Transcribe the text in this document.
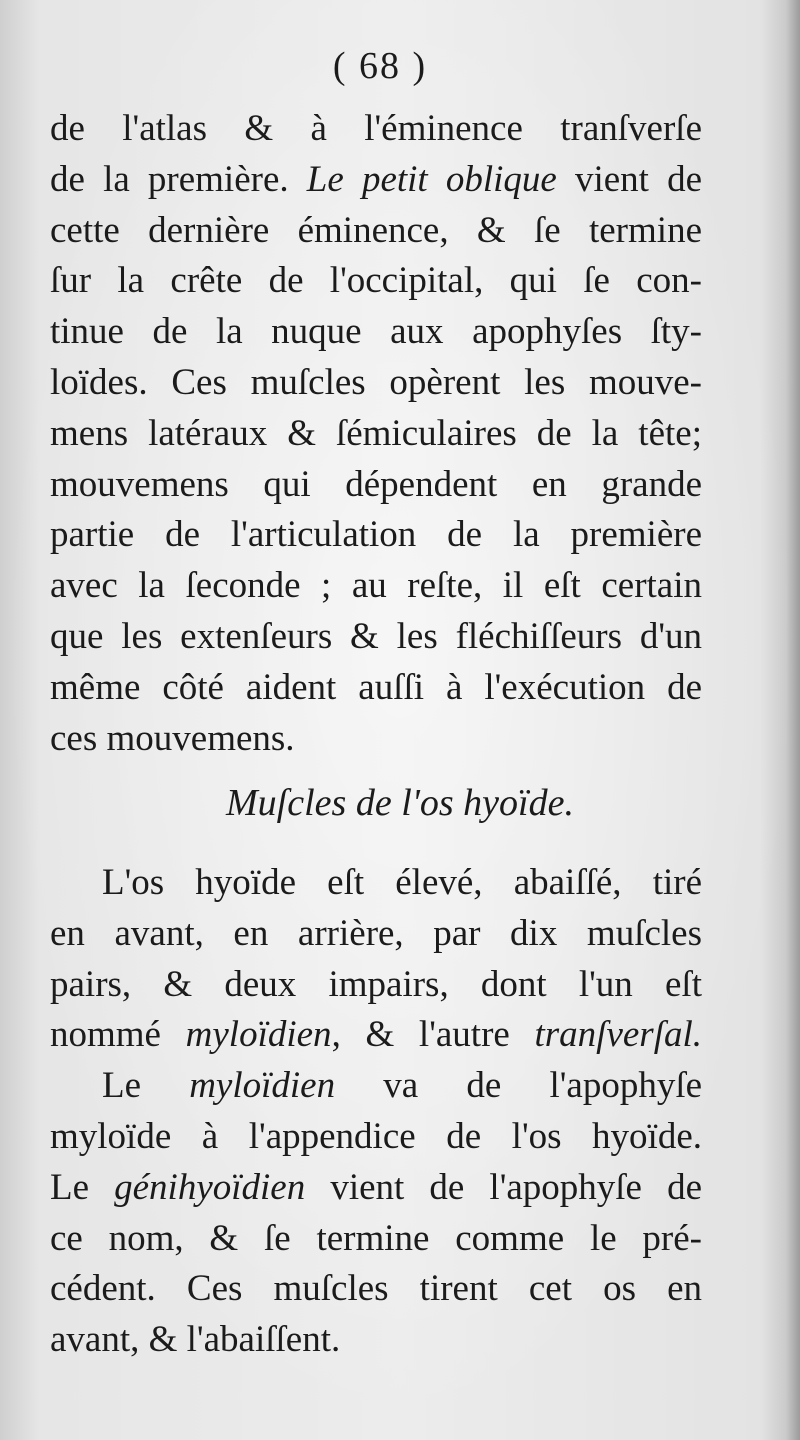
( 68 )
de l'atlas & à l'éminence tranſverſe
de la première. Le petit oblique vient de
cette dernière éminence, & ſe termine
ſur la crête de l'occipital, qui ſe con-
tinue de la nuque aux apophyſes ſty-
loïdes. Ces muſcles opèrent les mouve-
mens latéraux & ſémiculaires de la tête;
mouvemens qui dépendent en grande
partie de l'articulation de la première
avec la ſeconde ; au reſte, il eſt certain
que les extenſeurs & les fléchiſſeurs d'un
même côté aident auſſi à l'exécution de
ces mouvemens.
Muſcles de l'os hyoïde.
L'os hyoïde eſt élevé, abaiſſé, tiré
en avant, en arrière, par dix muſcles
pairs, & deux impairs, dont l'un eſt
nommé myloïdien, & l'autre tranſverſal.
Le myloïdien va de l'apophyſe
myloïde à l'appendice de l'os hyoïde.
Le génihyoïdien vient de l'apophyſe de
ce nom, & ſe termine comme le pré-
cédent. Ces muſcles tirent cet os en
avant, & l'abaiſſent.
